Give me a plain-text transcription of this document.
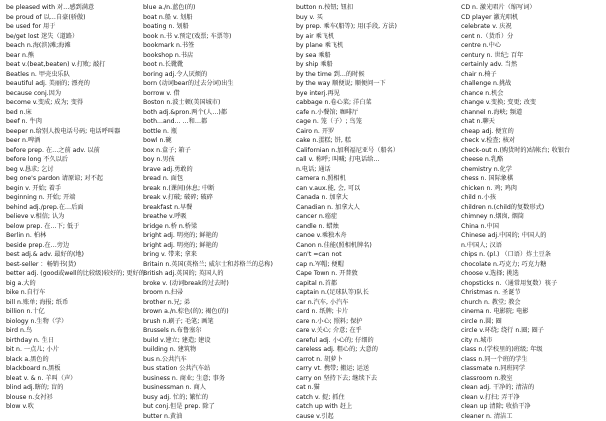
be pleased with 对…感到满意
be proud of 以…自豪(骄傲)
be used for 用于
be/get lost 迷失（道路）
beach n.海(滨)滩;海滩
bear n.熊
beat v.(beat,beaten) v.打败; 敲打
Beatles n. 甲壳虫乐队
beautiful adj. 美丽的; 漂亮的
because conj.因为
become v.变成; 成为; 变得
bed n.床
beef n. 牛肉
beeper n.给别人拨电话号码; 电话呼叫器
beer n.啤酒
before prep. 在…之前 adv. 以前
before long 不久以后
beg v.恳求; 乞讨
beg one's pardon 请原谅; 对不起
begin v. 开始; 着手
beginning n. 开始; 开端
behind adj./prep.在…后面
believe v.相信; 认为
below prep. 在…下; 低于
Berlin n. 柏林
beside prep.在…旁边
best adj.& adv. 最好的(地)
best-seller ：畅销书(货)
better adj. (good或well的比较级)较好的; 更好的
big a.大的
bike n.自行车
bill n.账单; 海报; 纸币
billion n.十亿
biology n.生物（学）
bird n.鸟
birthday n. 生日
bit n. 一点儿; 小片
black a.黑色的
blackboard n.黑板
bleat v. & n. 羊叫（声）
blind adj.瞎的; 盲的
blouse n.女衬衫
blow v.吹
blue a./n.蓝色(的)
boat n.船 v. 划船
boating n. 划船
book n.书 v.预定(戏票; 车票等)
bookmark n.书签
bookshop n.书店
boot n.长靴靴
boring adj.令人厌烦的
born (动词bear的过去分词)出生
borrow v. 借
Boston n.波士顿(美国城市)
both adj.&pron.两个(人…)都
both...and... …和…都
bottle n. 瓶
bowl n.碗
box n.盒子; 箱子
boy n.男孩
brave adj.勇敢的
bread n. 面包
break n.(课间)休息; 中断
break v.打破; 破碎; 破碎
breakfast n.早餐
breathe v.呼吸
bridge n.桥 n.桥梁
bright adj. 明亮的; 鲜艳的
bright adj. 明亮的; 鲜艳的
bring v. 带来; 拿来
Britain n.英国(英格兰; 威尔士和苏格兰的总称)
British adj.英国的; 英国人的
broke v. (动词break的过去时)
broom n.扫帚
brother n.兄; 弟
brown a./n.棕色(的); 褐色(的)
brush n.刷子; 毛笔; 画笔
Brussels n.布鲁塞尔
build v.建立; 建造; 建设
building n. 建筑物
bus n.公共汽车
bus station 公共汽车站
business n. 商业; 生意; 事务
businessman n. 商人
busy adj. 忙的; 繁忙的
but conj.但是 prep. 除了
butter n.黄油
button n.按钮; 钮扣
buy v. 买
by prep. 乘车(船等); 用(手段, 方法)
by air 乘飞机
by plane 乘飞机
by sea 乘船
by ship 乘船
by the time 到…的时候
by the way 顺便说; 顺便问一下
bye interj.再见
cabbage n.卷心菜; 洋白菜
cafe n.小餐馆; 咖啡厅
cage n. 笼（子）; 鸟笼
Cairo n. 开罗
cake n.蛋糕; 饼, 糕
Californian n.加利福尼亚号（船名）
call v. 称呼; 叫喊; 打电话给…
n.电话; 通话
camera n.照相机
can v.aux.能, 会, 可以
Canada n. 加拿大
Canadian n. 加拿大人
cancer n.癌症
candle n. 蜡烛
canoe v.乘独木舟
Canon n.佳能(照相机牌名)
can't =can not
cap n.军帽; 便帽
Cape Town n. 开普敦
capital n.首都
captain n.(足球队等)队长
car n.汽车, 小汽车
card n. 纸牌; 卡片
care n.小心; 照料; 保护
care v.关心; 介意; 在乎
careful adj. 小心的; 仔细的
careless adj. 粗心的; 大意的
carrot n. 胡萝卜
carry vt. 携带; 搬运; 运送
carry on 坚持下去; 继续下去
cat n.猫
catch v. 捉; 抓住
catch up with 赶上
cause v.引起
CD n. 激光唱片（缩写词）
CD player 激光唱机
celebrate v. 庆祝
cent n.（货币）分
centre n.中心
century n. 世纪; 百年
certainly adv. 当然
chair n.椅子
challenge n.挑战
chance n.机会
change v.变换; 变更; 改变
channel n.海峡; 频道
chat n.聊天
cheap adj. 便宜的
check v.检查; 核对
check-out n.(购货时的)结帐台; 收银台
cheese n.乳酪
chemistry n.化学
chess n. 国际象棋
chicken n. 鸡; 鸡肉
child n.小孩
children n.(child的复数形式)
chimney n.烟囱, 烟筒
China n.中国
Chinese adj.中国的; 中国人的
n.中国人; 汉语
chips n. (pl.) （口语）炸土豆条
chocolate n.巧克力; 巧克力糖
choose v.选择; 挑选
chopsticks n.（通常用复数）筷子
Christmas n. 圣诞节
church n. 教堂; 教会
cinema n. 电影院; 电影
circle n.圆; 圈
circle v.环绕; 绕行 n.圈; 圈子
city n.城市
class n.(学校里的)班级; 年级
class n.同一个班的学生
classmate n.同班同学
classroom n.教室
clean adj. 干净的; 清洁的
clean v.打扫; 弄干净
clean up 清除; 收拾干净
cleaner n. 清洁工
